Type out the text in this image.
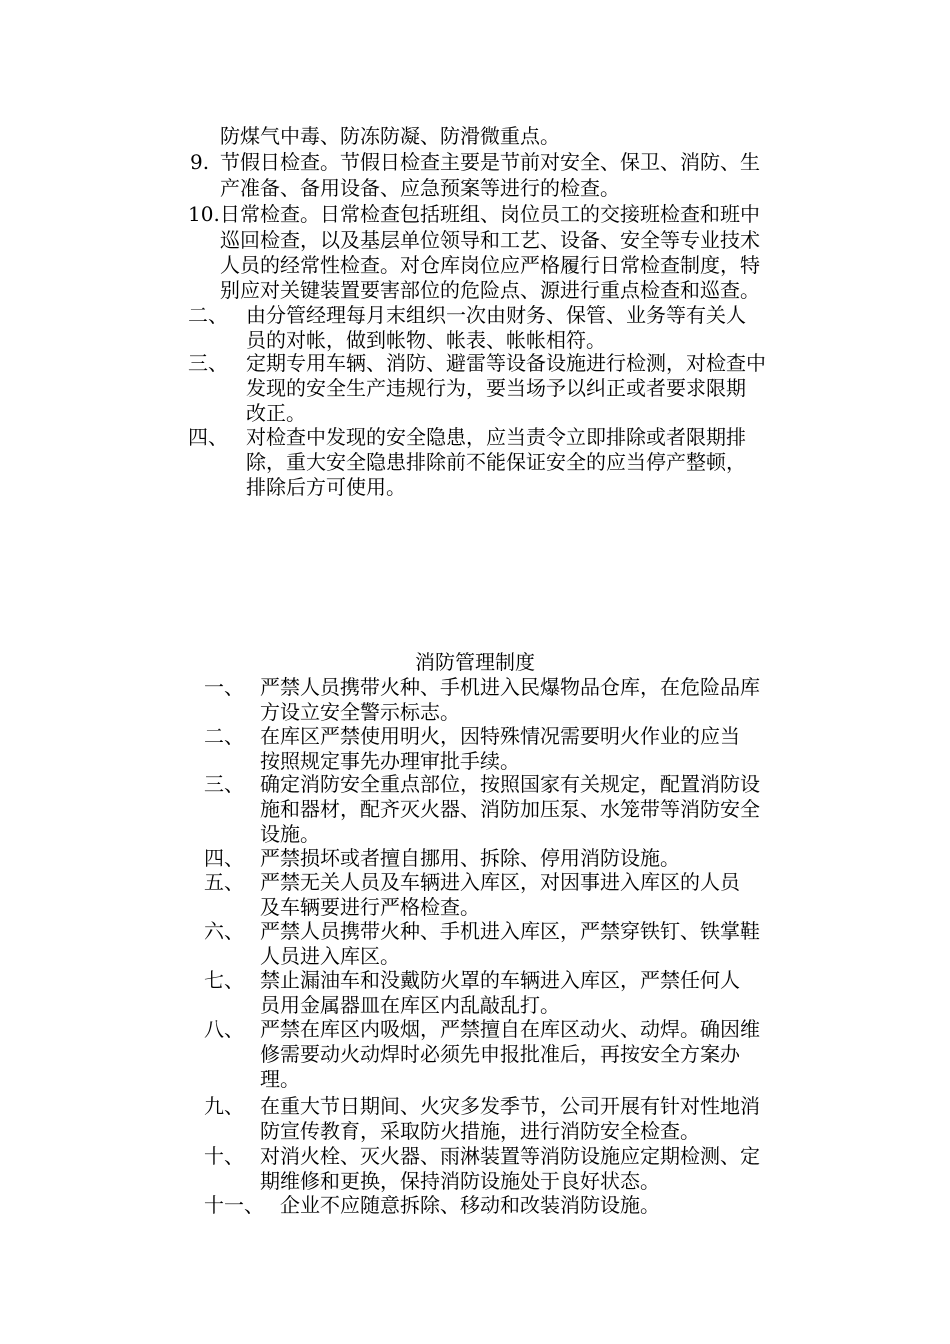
防煤气中毒、防冻防凝、防滑微重点。
9. 节假日检查。节假日检查主要是节前对安全、保卫、消防、生
产准备、备用设备、应急预案等进行的检查。
10. 日常检查。日常检查包括班组、岗位员工的交接班检查和班中
巡回检查，以及基层单位领导和工艺、设备、安全等专业技术
人员的经常性检查。对仓库岗位应严格履行日常检查制度，特
别应对关键装置要害部位的危险点、源进行重点检查和巡查。
二、 由分管经理每月末组织一次由财务、保管、业务等有关人
员的对帐，做到帐物、帐表、帐帐相符。
三、 定期专用车辆、消防、避雷等设备设施进行检测，对检查中
发现的安全生产违规行为，要当场予以纠正或者要求限期
改正。
四、 对检查中发现的安全隐患，应当责令立即排除或者限期排
除，重大安全隐患排除前不能保证安全的应当停产整顿，
排除后方可使用。
消防管理制度
一、 严禁人员携带火种、手机进入民爆物品仓库，在危险品库
方设立安全警示标志。
二、 在库区严禁使用明火，因特殊情况需要明火作业的应当
按照规定事先办理审批手续。
三、 确定消防安全重点部位，按照国家有关规定，配置消防设
施和器材，配齐灭火器、消防加压泵、水笼带等消防安全
设施。
四、 严禁损坏或者擅自挪用、拆除、停用消防设施。
五、 严禁无关人员及车辆进入库区，对因事进入库区的人员
及车辆要进行严格检查。
六、 严禁人员携带火种、手机进入库区，严禁穿铁钉、铁掌鞋
人员进入库区。
七、 禁止漏油车和没戴防火罩的车辆进入库区，严禁任何人
员用金属器皿在库区内乱敲乱打。
八、 严禁在库区内吸烟，严禁擅自在库区动火、动焊。确因维
修需要动火动焊时必须先申报批准后，再按安全方案办
理。
九、 在重大节日期间、火灾多发季节，公司开展有针对性地消
防宣传教育，采取防火措施，进行消防安全检查。
十、 对消火栓、灭火器、雨淋装置等消防设施应定期检测、定
期维修和更换，保持消防设施处于良好状态。
十一、 企业不应随意拆除、移动和改装消防设施。
